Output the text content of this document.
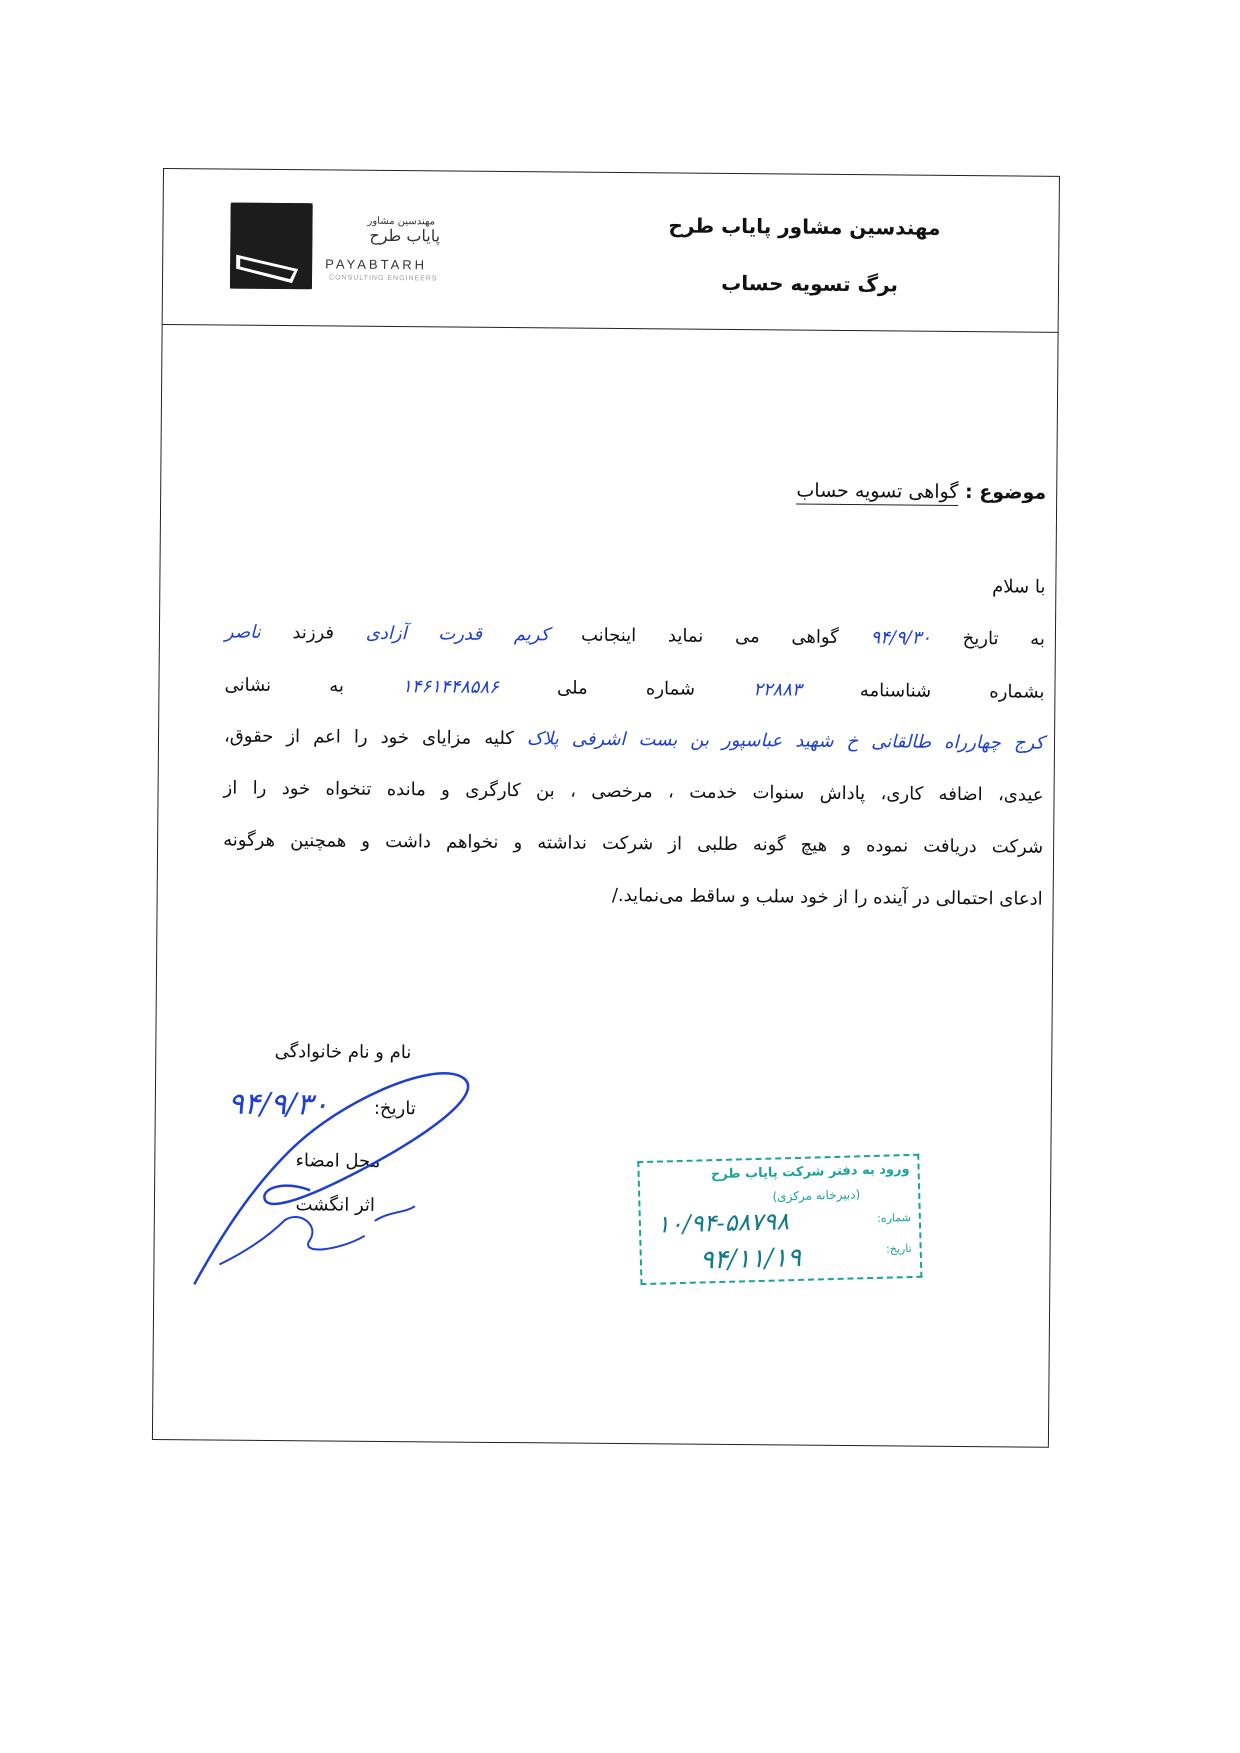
مهندسین مشاور
پایاب طرح
PAYABTARH
CONSULTING ENGINEERS
مهندسین مشاور پایاب طرح
برگ تسویه حساب
موضوع : گواهی تسویه حساب
با سلام
به تاریخ ۹۴/۹/۳۰ گواهی می نماید اینجانب کریم قدرت آزادی فرزند ناصر
بشماره شناسنامه ۲۲۸۸۳ شماره ملی ۱۴۶۱۴۴۸۵۸۶ به نشانی
کرج چهارراه طالقانی خ شهید عباسپور بن بست اشرفی پلاک کلیه مزایای خود را اعم از حقوق،
عیدی، اضافه کاری، پاداش سنوات خدمت ، مرخصی ، بن کارگری و مانده تنخواه خود را از
شرکت دریافت نموده و هیچ گونه طلبی از شرکت نداشته و نخواهم داشت و همچنین هرگونه
ادعای احتمالی در آینده را از خود سلب و ساقط می‌نماید./
نام و نام خانوادگی
تاریخ:
۹۴/۹/۳۰
محل امضاء
اثر انگشت
ورود به دفتر شرکت پایاب طرح
(دبیرخانه مرکزی)
شماره:
۱۰/۹۴-۵۸۷۹۸
تاریخ:
۹۴/۱۱/۱۹
